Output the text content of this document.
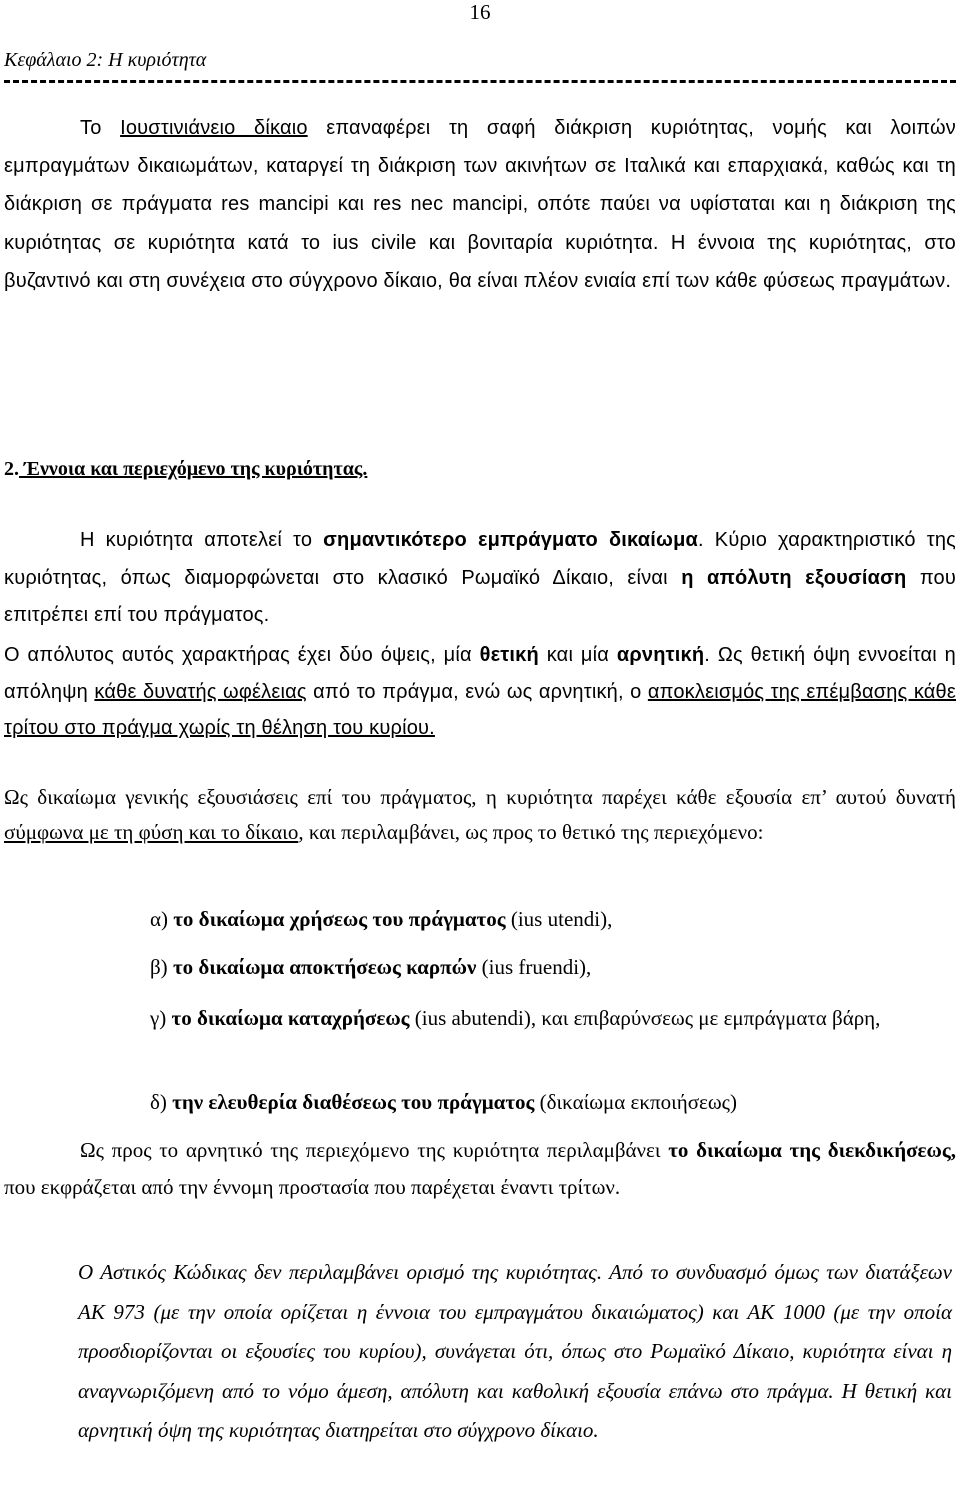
16
Κεφάλαιο 2: Η κυριότητα

Το Ιουστινιάνειο δίκαιο επαναφέρει τη σαφή διάκριση κυριότητας, νομής και λοιπών εμπραγμάτων δικαιωμάτων, καταργεί τη διάκριση των ακινήτων σε Ιταλικά και επαρχιακά, καθώς και τη διάκριση σε πράγματα res mancipi και res nec mancipi, οπότε παύει να υφίσταται και η διάκριση της κυριότητας σε κυριότητα κατά το ius civile και βονιταρία κυριότητα. Η έννοια της κυριότητας, στο βυζαντινό και στη συνέχεια στο σύγχρονο δίκαιο, θα είναι πλέον ενιαία επί των κάθε φύσεως πραγμάτων.

2. Έννοια και περιεχόμενο της κυριότητας.

Η κυριότητα αποτελεί το σημαντικότερο εμπράγματο δικαίωμα. Κύριο χαρακτηριστικό της κυριότητας, όπως διαμορφώνεται στο κλασικό Ρωμαϊκό Δίκαιο, είναι η απόλυτη εξουσίαση που επιτρέπει επί του πράγματος.

Ο απόλυτος αυτός χαρακτήρας έχει δύο όψεις, μία θετική και μία αρνητική. Ως θετική όψη εννοείται η απόληψη κάθε δυνατής ωφέλειας από το πράγμα, ενώ ως αρνητική, ο αποκλεισμός της επέμβασης κάθε τρίτου στο πράγμα χωρίς τη θέληση του κυρίου.

Ως δικαίωμα γενικής εξουσιάσεις επί του πράγματος, η κυριότητα παρέχει κάθε εξουσία επ’ αυτού δυνατή σύμφωνα με τη φύση και το δίκαιο, και περιλαμβάνει, ως προς το θετικό της περιεχόμενο:

α) το δικαίωμα χρήσεως του πράγματος (ius utendi),

β) το δικαίωμα αποκτήσεως καρπών (ius fruendi),

γ) το δικαίωμα καταχρήσεως (ius abutendi), και επιβαρύνσεως με εμπράγματα βάρη,

δ) την ελευθερία διαθέσεως του πράγματος (δικαίωμα εκποιήσεως)

Ως προς το αρνητικό της περιεχόμενο της κυριότητα περιλαμβάνει το δικαίωμα της διεκδικήσεως, που εκφράζεται από την έννομη προστασία που παρέχεται έναντι τρίτων.

Ο Αστικός Κώδικας δεν περιλαμβάνει ορισμό της κυριότητας. Από το συνδυασμό όμως των διατάξεων ΑΚ 973 (με την οποία ορίζεται η έννοια του εμπραγμάτου δικαιώματος) και ΑΚ 1000 (με την οποία προσδιορίζονται οι εξουσίες του κυρίου), συνάγεται ότι, όπως στο Ρωμαϊκό Δίκαιο, κυριότητα είναι η αναγνωριζόμενη από το νόμο άμεση, απόλυτη και καθολική εξουσία επάνω στο πράγμα. Η θετική και αρνητική όψη της κυριότητας διατηρείται στο σύγχρονο δίκαιο.
